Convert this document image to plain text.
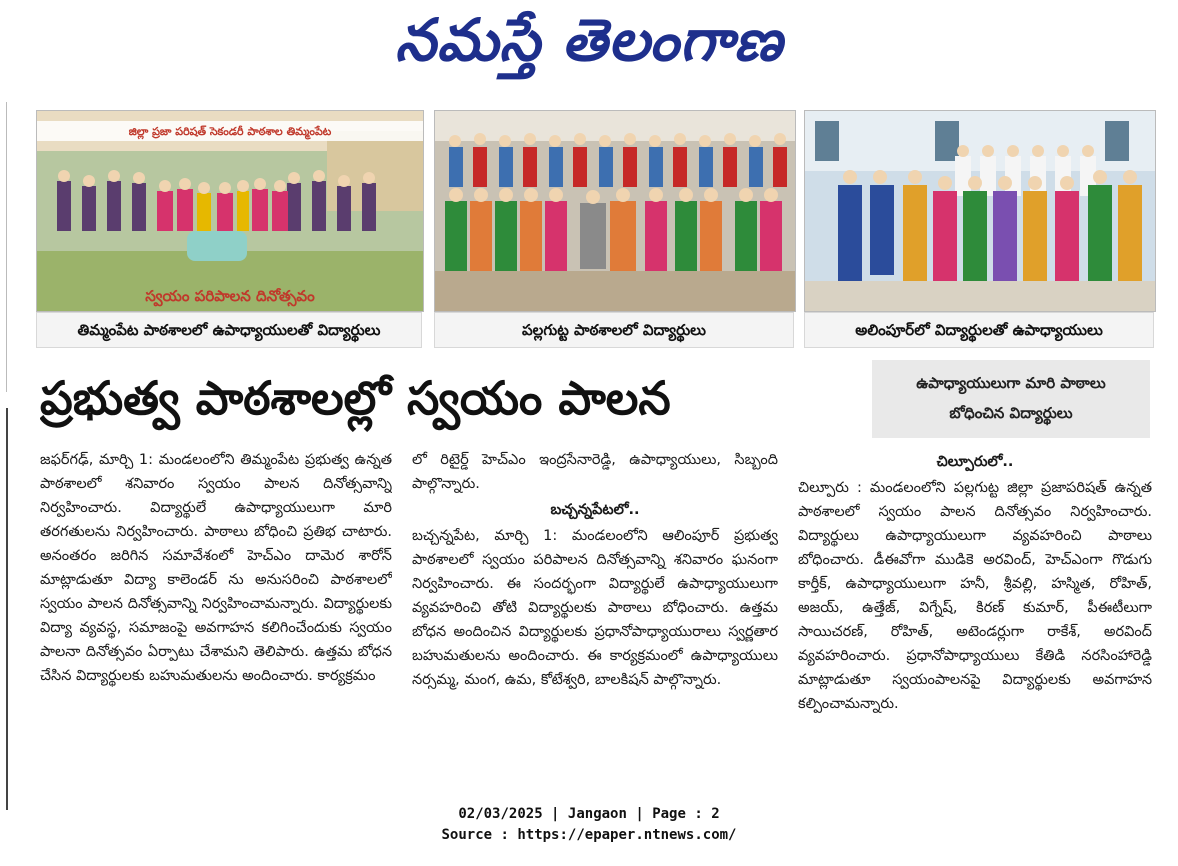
నమస్తే తెలంగాణ
జిల్లా ప్రజా పరిషత్ సెకండరీ పాఠశాల తిమ్మంపేట
స్వయం పరిపాలన దినోత్సవం
తిమ్మంపేట పాఠశాలలో ఉపాధ్యాయులతో విద్యార్థులు	పల్లగుట్ట పాఠశాలలో విద్యార్థులు	అలింపూర్‌లో విద్యార్థులతో ఉపాధ్యాయులు
ప్రభుత్వ పాఠశాలల్లో స్వయం పాలన	ఉపాధ్యాయులుగా మారి పాఠాలు
బోధించిన విద్యార్థులు

జఫర్‌గఢ్, మార్చి 1: మండలంలోని తిమ్మంపేట ప్రభుత్వ ఉన్నత పాఠశాలలో శనివారం స్వయం పాలన దినోత్సవాన్ని నిర్వహించారు. విద్యార్థులే ఉపాధ్యాయులుగా మారి తరగతులను నిర్వహించారు. పాఠాలు బోధించి ప్రతిభ చాటారు. అనంతరం జరిగిన సమావేశంలో హెచ్‌ఎం దామెర శారోన్ మాట్లాడుతూ విద్యా కాలెండర్ ను అనుసరించి పాఠశాలలో స్వయం పాలన దినోత్సవాన్ని నిర్వహించామన్నారు. విద్యార్థులకు విద్యా వ్యవస్థ, సమాజంపై అవగాహన కలిగించేందుకు స్వయం పాలనా దినోత్సవం ఏర్పాటు చేశామని తెలిపారు. ఉత్తమ బోధన చేసిన విద్యార్థులకు బహుమతులను అందించారు. కార్యక్రమం

లో రిటైర్డ్ హెచ్‌ఎం ఇంద్రసేనారెడ్డి, ఉపాధ్యాయులు, సిబ్బంది పాల్గొన్నారు.

బచ్చన్నపేటలో..

బచ్చన్నపేట, మార్చి 1: మండలంలోని ఆలింపూర్ ప్రభుత్వ పాఠశాలలో స్వయం పరిపాలన దినోత్సవాన్ని శనివారం ఘనంగా నిర్వహించారు. ఈ సందర్భంగా విద్యార్థులే ఉపాధ్యాయులుగా వ్యవహరించి తోటి విద్యార్థులకు పాఠాలు బోధించారు. ఉత్తమ బోధన అందించిన విద్యార్థులకు ప్రధానోపాధ్యాయురాలు స్వర్ణతార బహుమతులను అందించారు. ఈ కార్యక్రమంలో ఉపాధ్యాయులు నర్సమ్మ, మంగ, ఉమ, కోటేశ్వరి, బాలకిషన్ పాల్గొన్నారు.

చిల్పూరులో..

చిల్పూరు : మండలంలోని పల్లగుట్ట జిల్లా ప్రజాపరిషత్ ఉన్నత పాఠశాలలో స్వయం పాలన దినోత్సవం నిర్వహించారు. విద్యార్థులు ఉపాధ్యాయులుగా వ్యవహరించి పాఠాలు బోధించారు. డీఈవోగా ముడికె అరవింద్, హెచ్‌ఎంగా గొడుగు కార్తీక్, ఉపాధ్యాయులుగా హనీ, శ్రీవల్లి, హస్మిత, రోహిత్, అజయ్, ఉత్తేజ్, విగ్నేష్, కిరణ్ కుమార్, పీఈటీలుగా సాయిచరణ్, రోహిత్, అటెండర్లుగా రాకేశ్, అరవింద్ వ్యవహరించారు. ప్రధానోపాధ్యాయులు కేతిడి నరసింహారెడ్డి మాట్లాడుతూ స్వయంపాలనపై విద్యార్థులకు అవగాహన కల్పించామన్నారు.

02/03/2025 | Jangaon | Page : 2
Source : https://epaper.ntnews.com/
